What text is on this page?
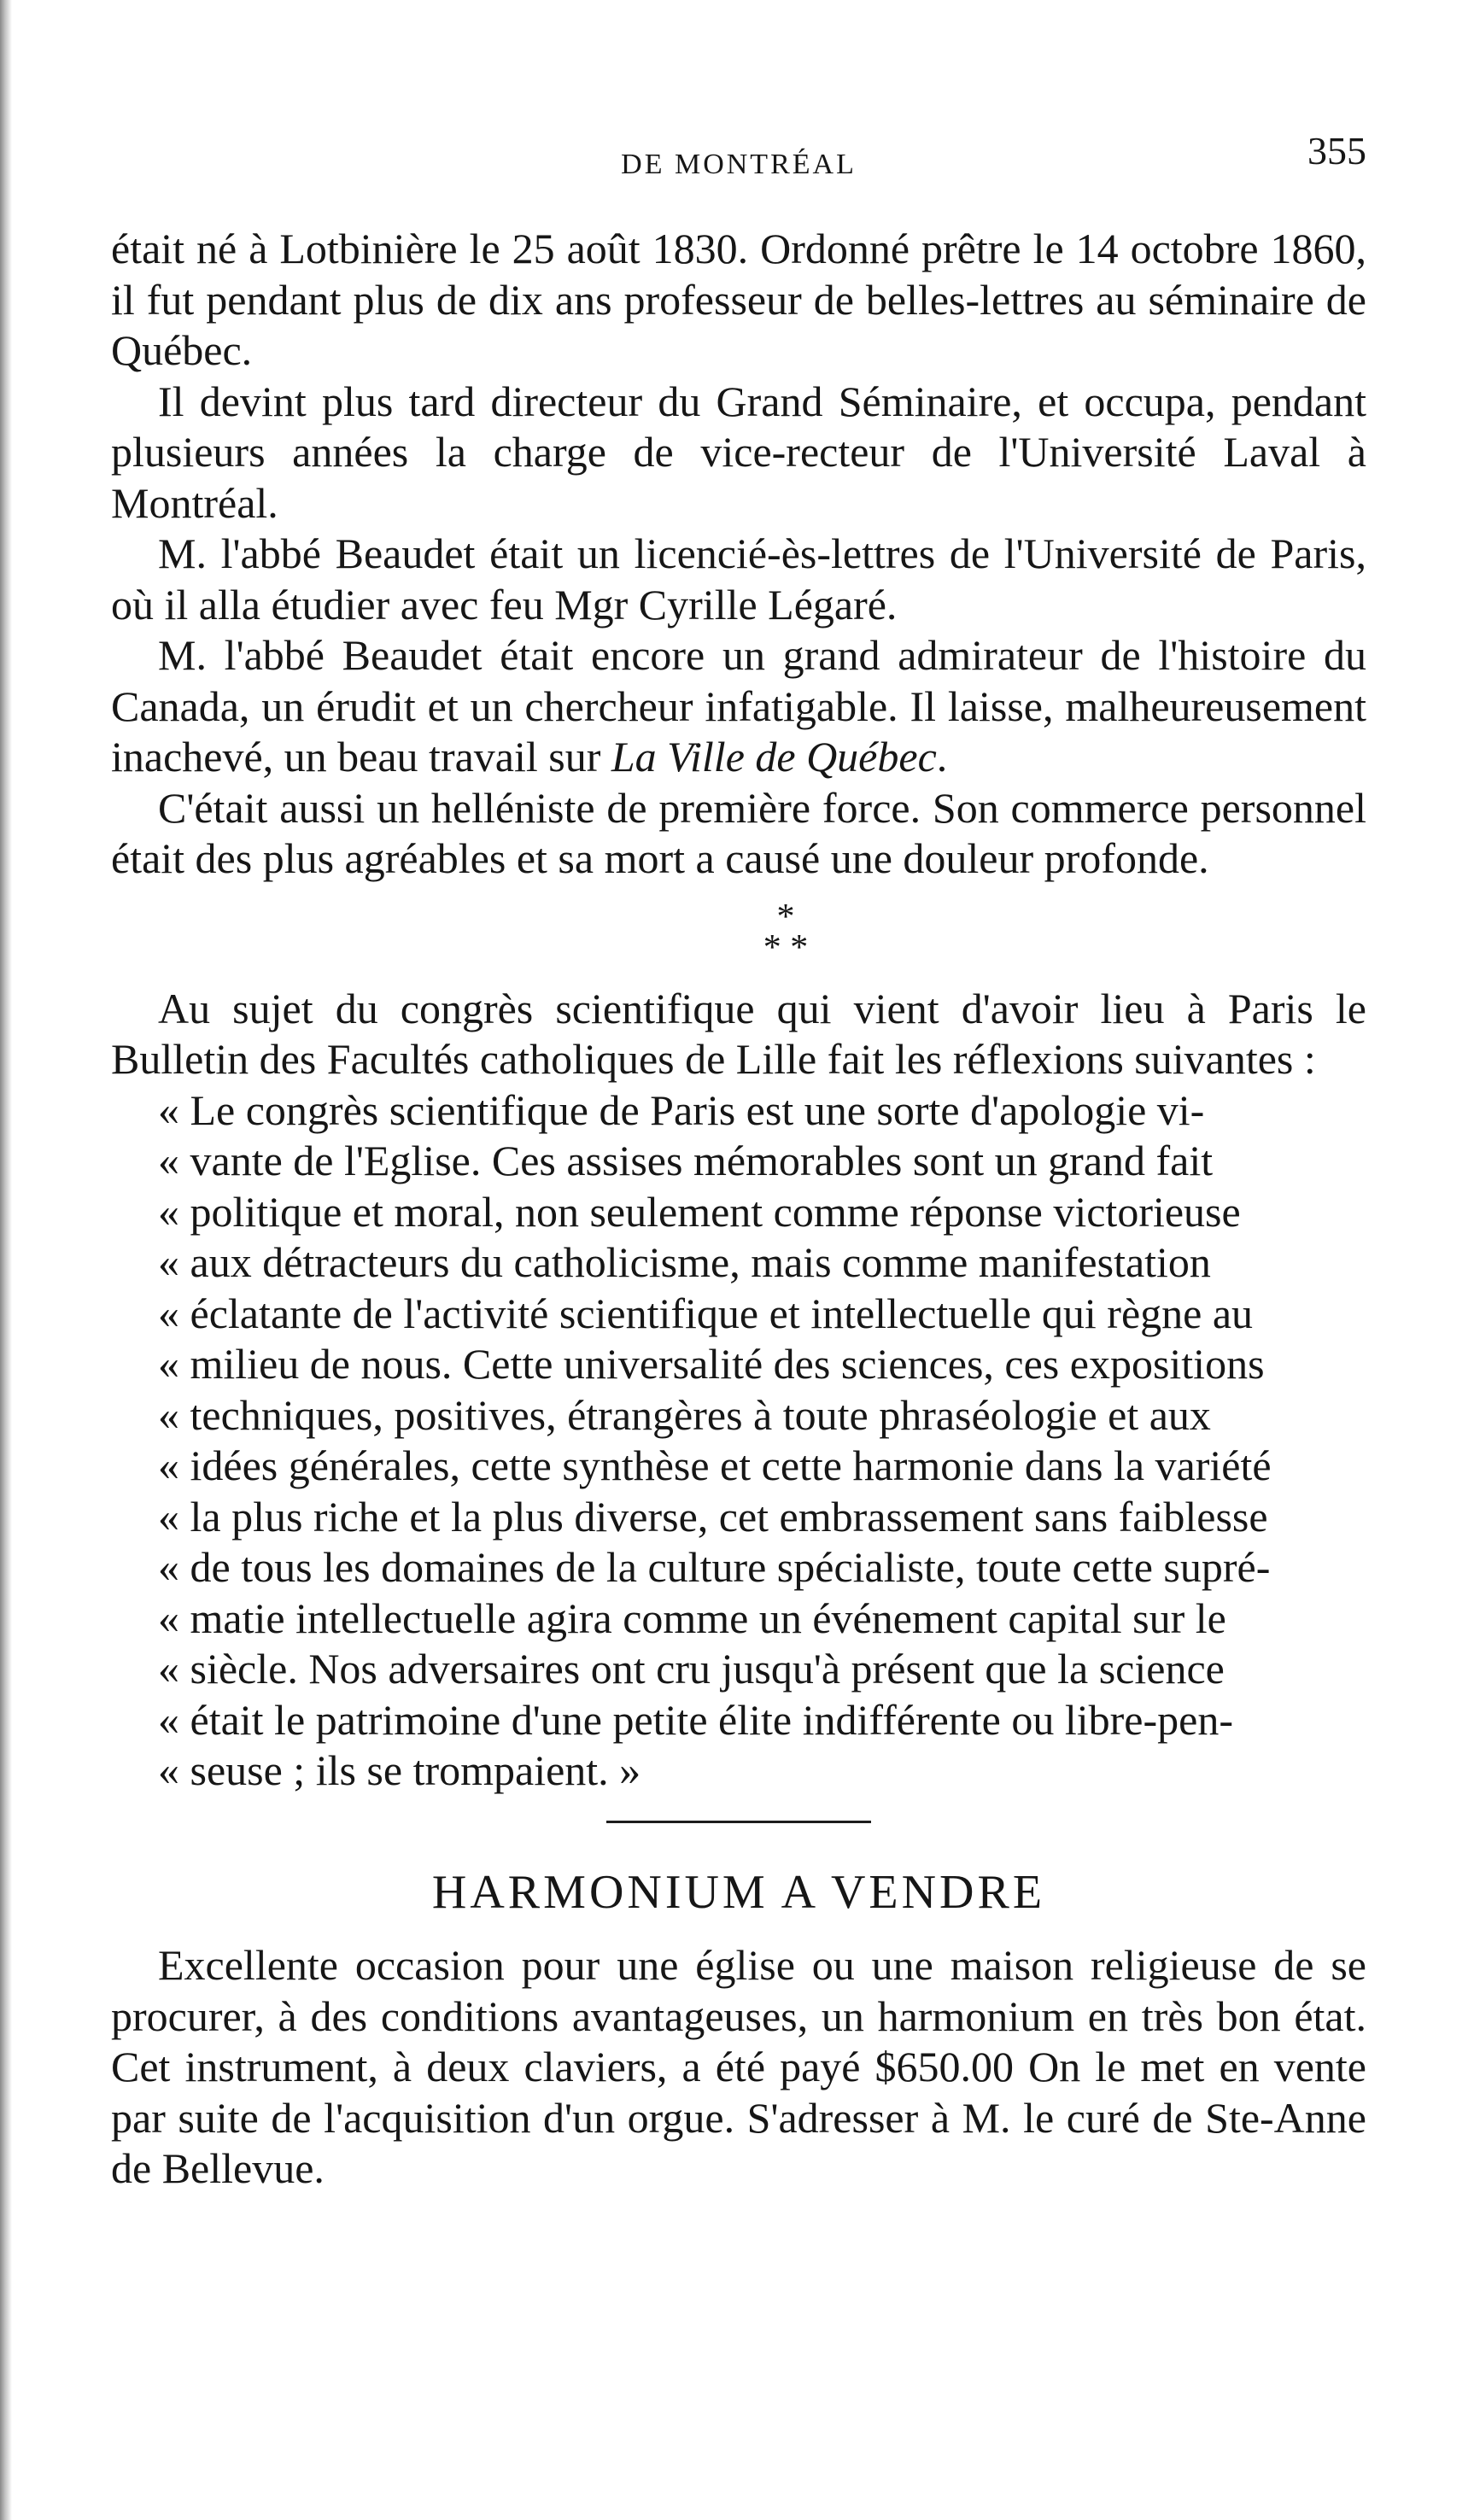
DE MONTRÉAL	355

était né à Lotbinière le 25 août 1830. Ordonné prêtre le 14 octobre 1860, il fut pendant plus de dix ans professeur de belles-lettres au séminaire de Québec.

Il devint plus tard directeur du Grand Séminaire, et occupa, pendant plusieurs années la charge de vice-recteur de l'Université Laval à Montréal.

M. l'abbé Beaudet était un licencié-ès-lettres de l'Université de Paris, où il alla étudier avec feu Mgr Cyrille Légaré.

M. l'abbé Beaudet était encore un grand admirateur de l'histoire du Canada, un érudit et un chercheur infatigable. Il laisse, malheureusement inachevé, un beau travail sur La Ville de Québec.

C'était aussi un helléniste de première force. Son commerce personnel était des plus agréables et sa mort a causé une douleur profonde.

*
* *

Au sujet du congrès scientifique qui vient d'avoir lieu à Paris le Bulletin des Facultés catholiques de Lille fait les réflexions suivantes :

« Le congrès scientifique de Paris est une sorte d'apologie vi-
« vante de l'Eglise. Ces assises mémorables sont un grand fait
« politique et moral, non seulement comme réponse victorieuse
« aux détracteurs du catholicisme, mais comme manifestation
« éclatante de l'activité scientifique et intellectuelle qui règne au
« milieu de nous. Cette universalité des sciences, ces expositions
« techniques, positives, étrangères à toute phraséologie et aux
« idées générales, cette synthèse et cette harmonie dans la variété
« la plus riche et la plus diverse, cet embrassement sans faiblesse
« de tous les domaines de la culture spécialiste, toute cette supré-
« matie intellectuelle agira comme un événement capital sur le
« siècle. Nos adversaires ont cru jusqu'à présent que la science
« était le patrimoine d'une petite élite indifférente ou libre-pen-
« seuse ; ils se trompaient. »

HARMONIUM A VENDRE

Excellente occasion pour une église ou une maison religieuse de se procurer, à des conditions avantageuses, un harmonium en très bon état. Cet instrument, à deux claviers, a été payé $650.00 On le met en vente par suite de l'acquisition d'un orgue. S'adresser à M. le curé de Ste-Anne de Bellevue.
